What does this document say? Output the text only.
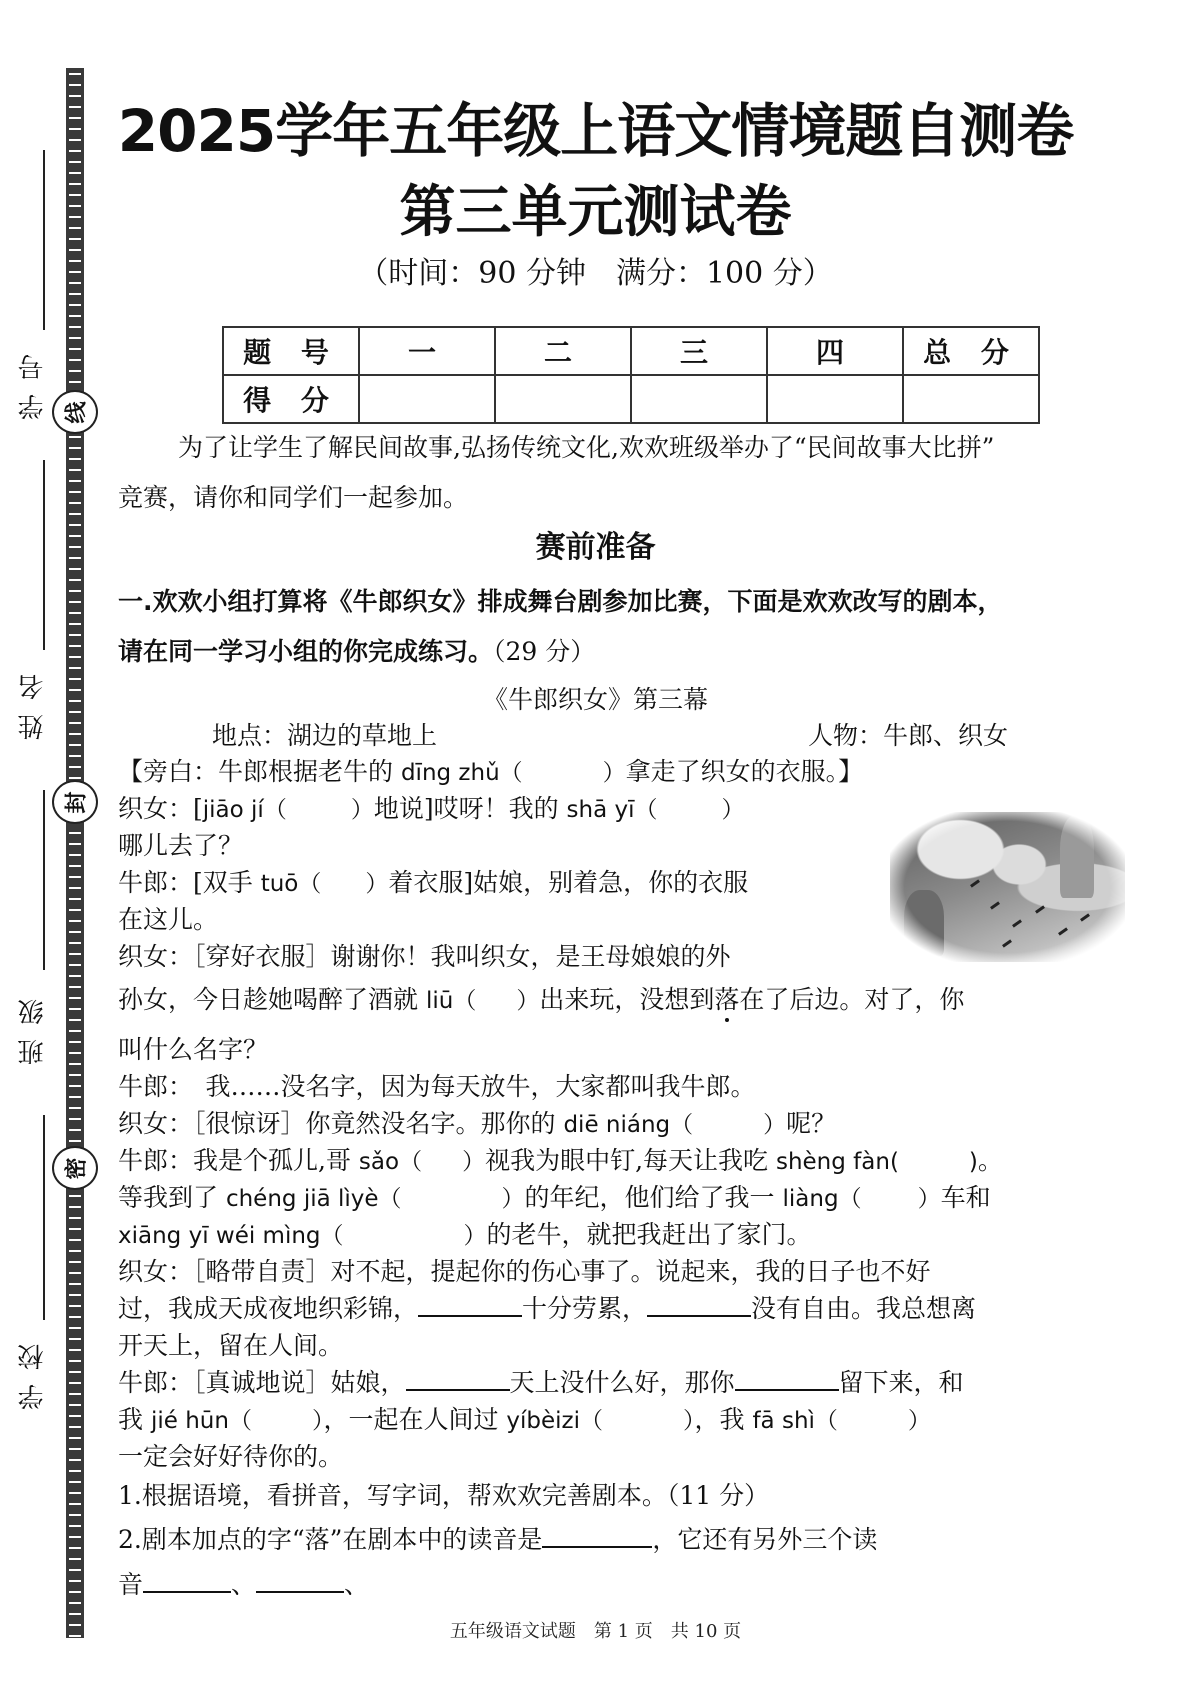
线
封
密
学号
姓名
班级
学校
2025学年五年级上语文情境题自测卷
第三单元测试卷
（时间：90 分钟　满分：100 分）
题 号	一	二	三	四	总 分
得 分					
为了让学生了解民间故事,弘扬传统文化,欢欢班级举办了“民间故事大比拼”
竞赛，请你和同学们一起参加。
赛前准备
一.欢欢小组打算将《牛郎织女》排成舞台剧参加比赛，下面是欢欢改写的剧本，
请在同一学习小组的你完成练习。（29 分）
《牛郎织女》第三幕
地点：湖边的草地上	人物：牛郎、织女
【旁白：牛郎根据老牛的 dīng zhǔ（	）拿走了织女的衣服。】
织女：[jiāo jí（	）地说]哎呀！我的 shā yī（	）
哪儿去了？
牛郎：[双手 tuō（ ）着衣服]姑娘，别着急，你的衣服
在这儿。
织女：［穿好衣服］谢谢你！我叫织女，是王母娘娘的外
孙女，今日趁她喝醉了酒就 liū（ ）出来玩，没想到落在了后边。对了，你
叫什么名字？
牛郎：　我……没名字，因为每天放牛，大家都叫我牛郎。
织女：［很惊讶］你竟然没名字。那你的 diē niáng（	）呢？
牛郎：我是个孤儿,哥 sǎo（ ）视我为眼中钉,每天让我吃 shèng fàn(	)。
等我到了 chéng jiā lìyè（	）的年纪，他们给了我一 liàng（ ）车和
xiāng yī wéi mìng（	）的老牛，就把我赶出了家门。
织女：［略带自责］对不起，提起你的伤心事了。说起来，我的日子也不好
过，我成天成夜地织彩锦，	十分劳累，	没有自由。我总想离
开天上，留在人间。
牛郎：［真诚地说］姑娘，	天上没什么好，那你	留下来，和
我 jié hūn（	），一起在人间过 yíbèizi（	），我 fā shì（	）
一定会好好待你的。
1.根据语境，看拼音，写字词，帮欢欢完善剧本。（11 分）
2.剧本加点的字“落”在剧本中的读音是	，它还有另外三个读
音	、	、
五年级语文试题　第 1 页　共 10 页
